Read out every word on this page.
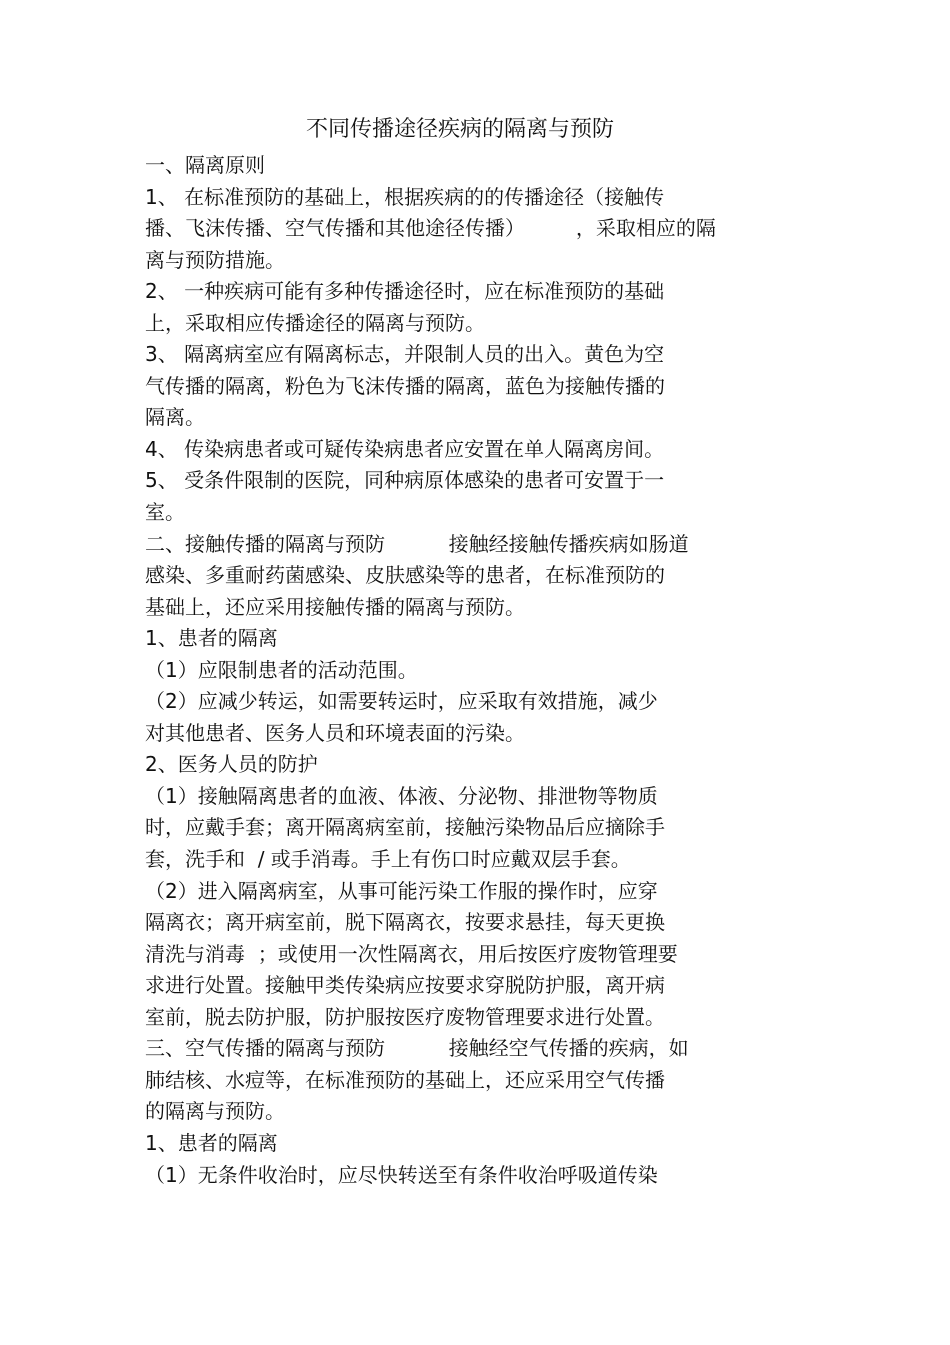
不同传播途径疾病的隔离与预防
一、隔离原则
1、 在标准预防的基础上，根据疾病的的传播途径（接触传
播、飞沫传播、空气传播和其他途径传播）        ，采取相应的隔
离与预防措施。
2、 一种疾病可能有多种传播途径时，应在标准预防的基础
上，采取相应传播途径的隔离与预防。
3、 隔离病室应有隔离标志，并限制人员的出入。黄色为空
气传播的隔离，粉色为飞沫传播的隔离，蓝色为接触传播的
隔离。
4、 传染病患者或可疑传染病患者应安置在单人隔离房间。
5、 受条件限制的医院，同种病原体感染的患者可安置于一
室。
二、接触传播的隔离与预防          接触经接触传播疾病如肠道
感染、多重耐药菌感染、皮肤感染等的患者，在标准预防的
基础上，还应采用接触传播的隔离与预防。
1、患者的隔离
（1）应限制患者的活动范围。
（2）应减少转运，如需要转运时，应采取有效措施，减少
对其他患者、医务人员和环境表面的污染。
2、医务人员的防护
（1）接触隔离患者的血液、体液、分泌物、排泄物等物质
时，应戴手套；离开隔离病室前，接触污染物品后应摘除手
套，洗手和  / 或手消毒。手上有伤口时应戴双层手套。
（2）进入隔离病室，从事可能污染工作服的操作时，应穿
隔离衣；离开病室前，脱下隔离衣，按要求悬挂，每天更换
清洗与消毒  ；或使用一次性隔离衣，用后按医疗废物管理要
求进行处置。接触甲类传染病应按要求穿脱防护服，离开病
室前，脱去防护服，防护服按医疗废物管理要求进行处置。
三、空气传播的隔离与预防          接触经空气传播的疾病，如
肺结核、水痘等，在标准预防的基础上，还应采用空气传播
的隔离与预防。
1、患者的隔离
（1）无条件收治时，应尽快转送至有条件收治呼吸道传染
